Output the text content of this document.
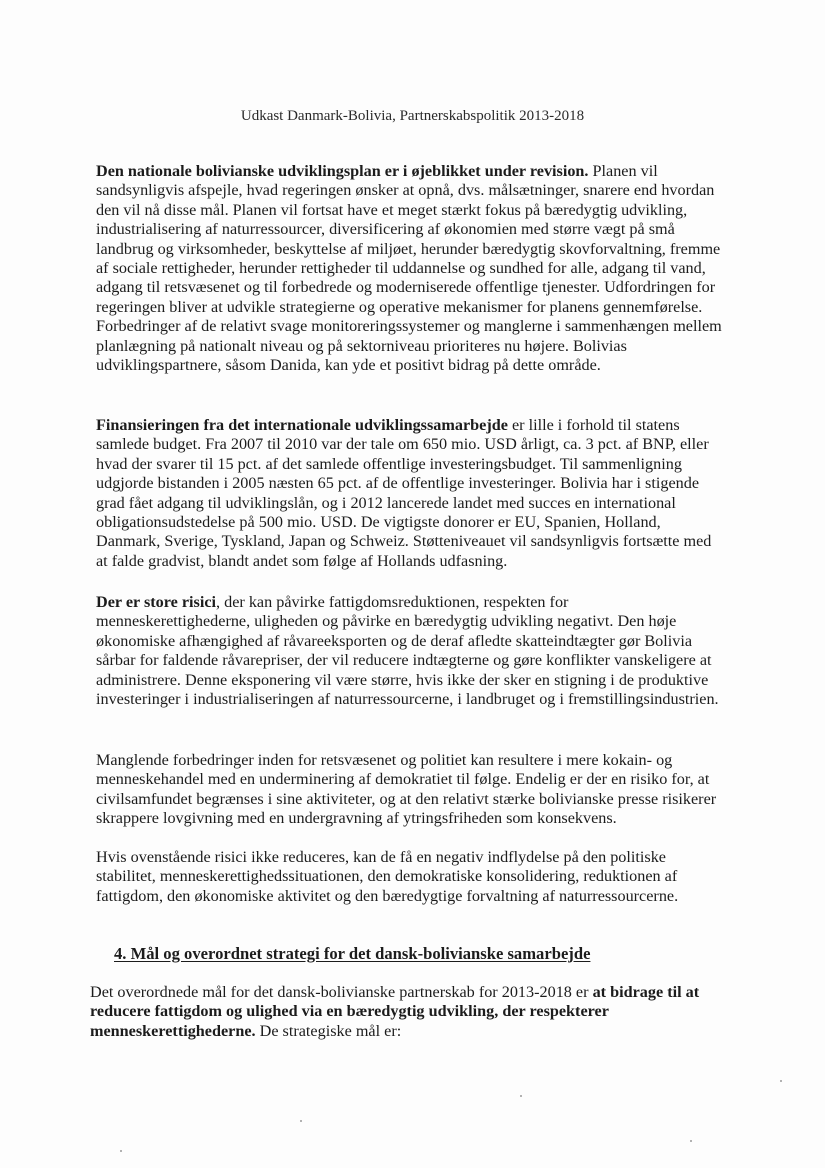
Udkast Danmark-Bolivia, Partnerskabspolitik 2013-2018

Den nationale bolivianske udviklingsplan er i øjeblikket under revision. Planen vil sandsynligvis afspejle, hvad regeringen ønsker at opnå, dvs. målsætninger, snarere end hvordan den vil nå disse mål. Planen vil fortsat have et meget stærkt fokus på bæredygtig udvikling, industrialisering af naturressourcer, diversificering af økonomien med større vægt på små landbrug og virksomheder, beskyttelse af miljøet, herunder bæredygtig skovforvaltning, fremme af sociale rettigheder, herunder rettigheder til uddannelse og sundhed for alle, adgang til vand, adgang til retsvæsenet og til forbedrede og moderniserede offentlige tjenester. Udfordringen for regeringen bliver at udvikle strategierne og operative mekanismer for planens gennemførelse. Forbedringer af de relativt svage monitoreringssystemer og manglerne i sammenhængen mellem planlægning på nationalt niveau og på sektorniveau prioriteres nu højere. Bolivias udviklingspartnere, såsom Danida, kan yde et positivt bidrag på dette område.

Finansieringen fra det internationale udviklingssamarbejde er lille i forhold til statens samlede budget. Fra 2007 til 2010 var der tale om 650 mio. USD årligt, ca. 3 pct. af BNP, eller hvad der svarer til 15 pct. af det samlede offentlige investeringsbudget. Til sammenligning udgjorde bistanden i 2005 næsten 65 pct. af de offentlige investeringer. Bolivia har i stigende grad fået adgang til udviklingslån, og i 2012 lancerede landet med succes en international obligationsudstedelse på 500 mio. USD. De vigtigste donorer er EU, Spanien, Holland, Danmark, Sverige, Tyskland, Japan og Schweiz. Støtteniveauet vil sandsynligvis fortsætte med at falde gradvist, blandt andet som følge af Hollands udfasning.

Der er store risici, der kan påvirke fattigdomsreduktionen, respekten for menneskerettighederne, uligheden og påvirke en bæredygtig udvikling negativt. Den høje økonomiske afhængighed af råvareeksporten og de deraf afledte skatteindtægter gør Bolivia sårbar for faldende råvarepriser, der vil reducere indtægterne og gøre konflikter vanskeligere at administrere. Denne eksponering vil være større, hvis ikke der sker en stigning i de produktive investeringer i industrialiseringen af naturressourcerne, i landbruget og i fremstillingsindustrien.

Manglende forbedringer inden for retsvæsenet og politiet kan resultere i mere kokain- og menneskehandel med en underminering af demokratiet til følge. Endelig er der en risiko for, at civilsamfundet begrænses i sine aktiviteter, og at den relativt stærke bolivianske presse risikerer skrappere lovgivning med en undergravning af ytringsfriheden som konsekvens.

Hvis ovenstående risici ikke reduceres, kan de få en negativ indflydelse på den politiske stabilitet, menneskerettighedssituationen, den demokratiske konsolidering, reduktionen af fattigdom, den økonomiske aktivitet og den bæredygtige forvaltning af naturressourcerne.

4. Mål og overordnet strategi for det dansk-bolivianske samarbejde

Det overordnede mål for det dansk-bolivianske partnerskab for 2013-2018 er at bidrage til at reducere fattigdom og ulighed via en bæredygtig udvikling, der respekterer menneskerettighederne. De strategiske mål er:
